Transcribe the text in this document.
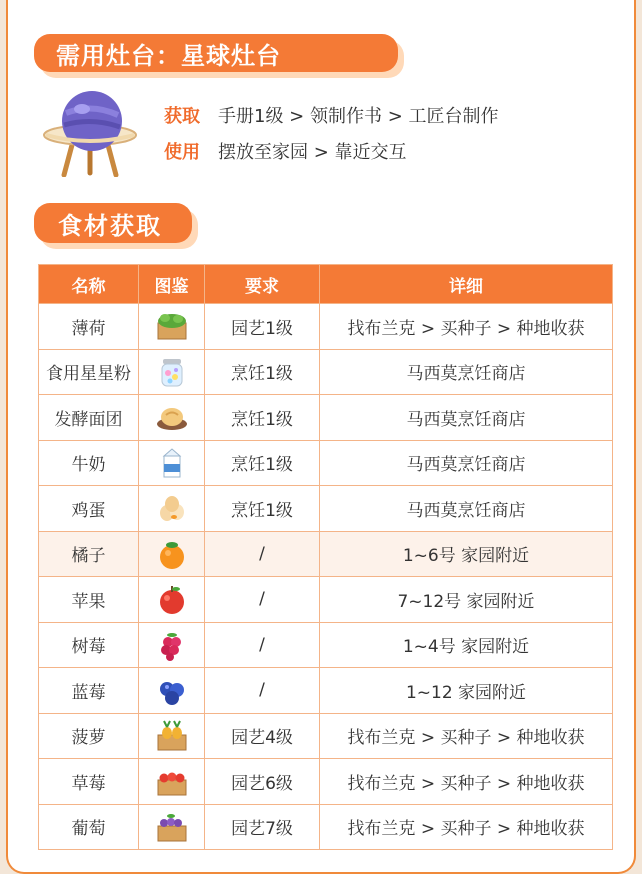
需用灶台：星球灶台
获取 手册1级 > 领制作书 > 工匠台制作
使用 摆放至家园 > 靠近交互
食材获取
名称	图鉴	要求	详细
薄荷		园艺1级	找布兰克 > 买种子 > 种地收获
食用星星粉		烹饪1级	马西莫烹饪商店
发酵面团		烹饪1级	马西莫烹饪商店
牛奶		烹饪1级	马西莫烹饪商店
鸡蛋		烹饪1级	马西莫烹饪商店
橘子		/	1~6号 家园附近
苹果		/	7~12号 家园附近
树莓		/	1~4号 家园附近
蓝莓		/	1~12 家园附近
菠萝		园艺4级	找布兰克 > 买种子 > 种地收获
草莓		园艺6级	找布兰克 > 买种子 > 种地收获
葡萄		园艺7级	找布兰克 > 买种子 > 种地收获
